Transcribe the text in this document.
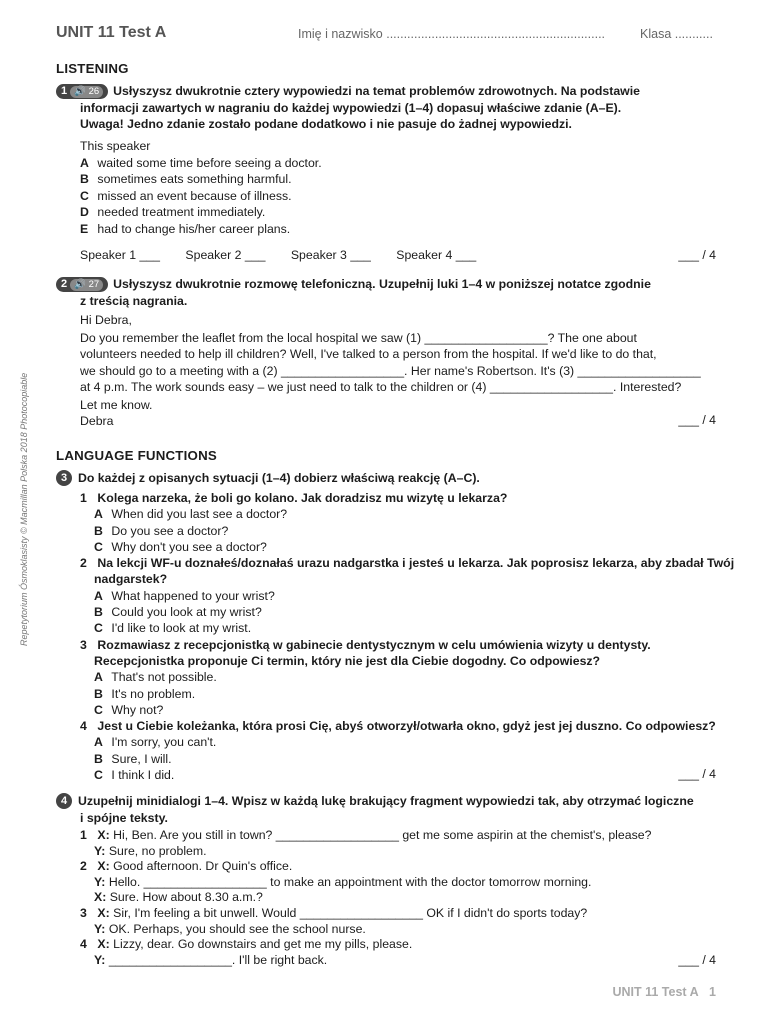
UNIT 11 Test A	Imię i nazwisko ...............................................................	Klasa ...........
Repetytorium Ósmoklasisty © Macmillan Polska 2018 Photocopiable
LISTENING
1 🔊 26 Usłyszysz dwukrotnie cztery wypowiedzi na temat problemów zdrowotnych. Na podstawie
informacji zawartych w nagraniu do każdej wypowiedzi (1–4) dopasuj właściwe zdanie (A–E).
Uwaga! Jedno zdanie zostało podane dodatkowo i nie pasuje do żadnej wypowiedzi.
This speaker
A waited some time before seeing a doctor.
B sometimes eats something harmful.
C missed an event because of illness.
D needed treatment immediately.
E had to change his/her career plans.
Speaker 1 ___ Speaker 2 ___ Speaker 3 ___ Speaker 4 ___	___ / 4
2 🔊 27 Usłyszysz dwukrotnie rozmowę telefoniczną. Uzupełnij luki 1–4 w poniższej notatce zgodnie
z treścią nagrania.
Hi Debra,
Do you remember the leaflet from the local hospital we saw (1) __________________? The one about
volunteers needed to help ill children? Well, I've talked to a person from the hospital. If we'd like to do that,
we should go to a meeting with a (2) __________________. Her name's Robertson. It's (3) __________________
at 4 p.m. The work sounds easy – we just need to talk to the children or (4) __________________. Interested?
Let me know.
Debra	___ / 4
LANGUAGE FUNCTIONS
3 Do każdej z opisanych sytuacji (1–4) dobierz właściwą reakcję (A–C).
1 Kolega narzeka, że boli go kolano. Jak doradzisz mu wizytę u lekarza?
A When did you last see a doctor?
B Do you see a doctor?
C Why don't you see a doctor?
2 Na lekcji WF-u doznałeś/doznałaś urazu nadgarstka i jesteś u lekarza. Jak poprosisz lekarza, aby zbadał Twój
nadgarstek?
A What happened to your wrist?
B Could you look at my wrist?
C I'd like to look at my wrist.
3 Rozmawiasz z recepcjonistką w gabinecie dentystycznym w celu umówienia wizyty u dentysty.
Recepcjonistka proponuje Ci termin, który nie jest dla Ciebie dogodny. Co odpowiesz?
A That's not possible.
B It's no problem.
C Why not?
4 Jest u Ciebie koleżanka, która prosi Cię, abyś otworzył/otwarła okno, gdyż jest jej duszno. Co odpowiesz?
A I'm sorry, you can't.
B Sure, I will.
C I think I did.	___ / 4
4 Uzupełnij minidialogi 1–4. Wpisz w każdą lukę brakujący fragment wypowiedzi tak, aby otrzymać logiczne
i spójne teksty.
1 X: Hi, Ben. Are you still in town? __________________ get me some aspirin at the chemist's, please?
Y: Sure, no problem.
2 X: Good afternoon. Dr Quin's office.
Y: Hello. __________________ to make an appointment with the doctor tomorrow morning.
X: Sure. How about 8.30 a.m.?
3 X: Sir, I'm feeling a bit unwell. Would __________________ OK if I didn't do sports today?
Y: OK. Perhaps, you should see the school nurse.
4 X: Lizzy, dear. Go downstairs and get me my pills, please.
Y: __________________. I'll be right back.	___ / 4
UNIT 11 Test A 1
